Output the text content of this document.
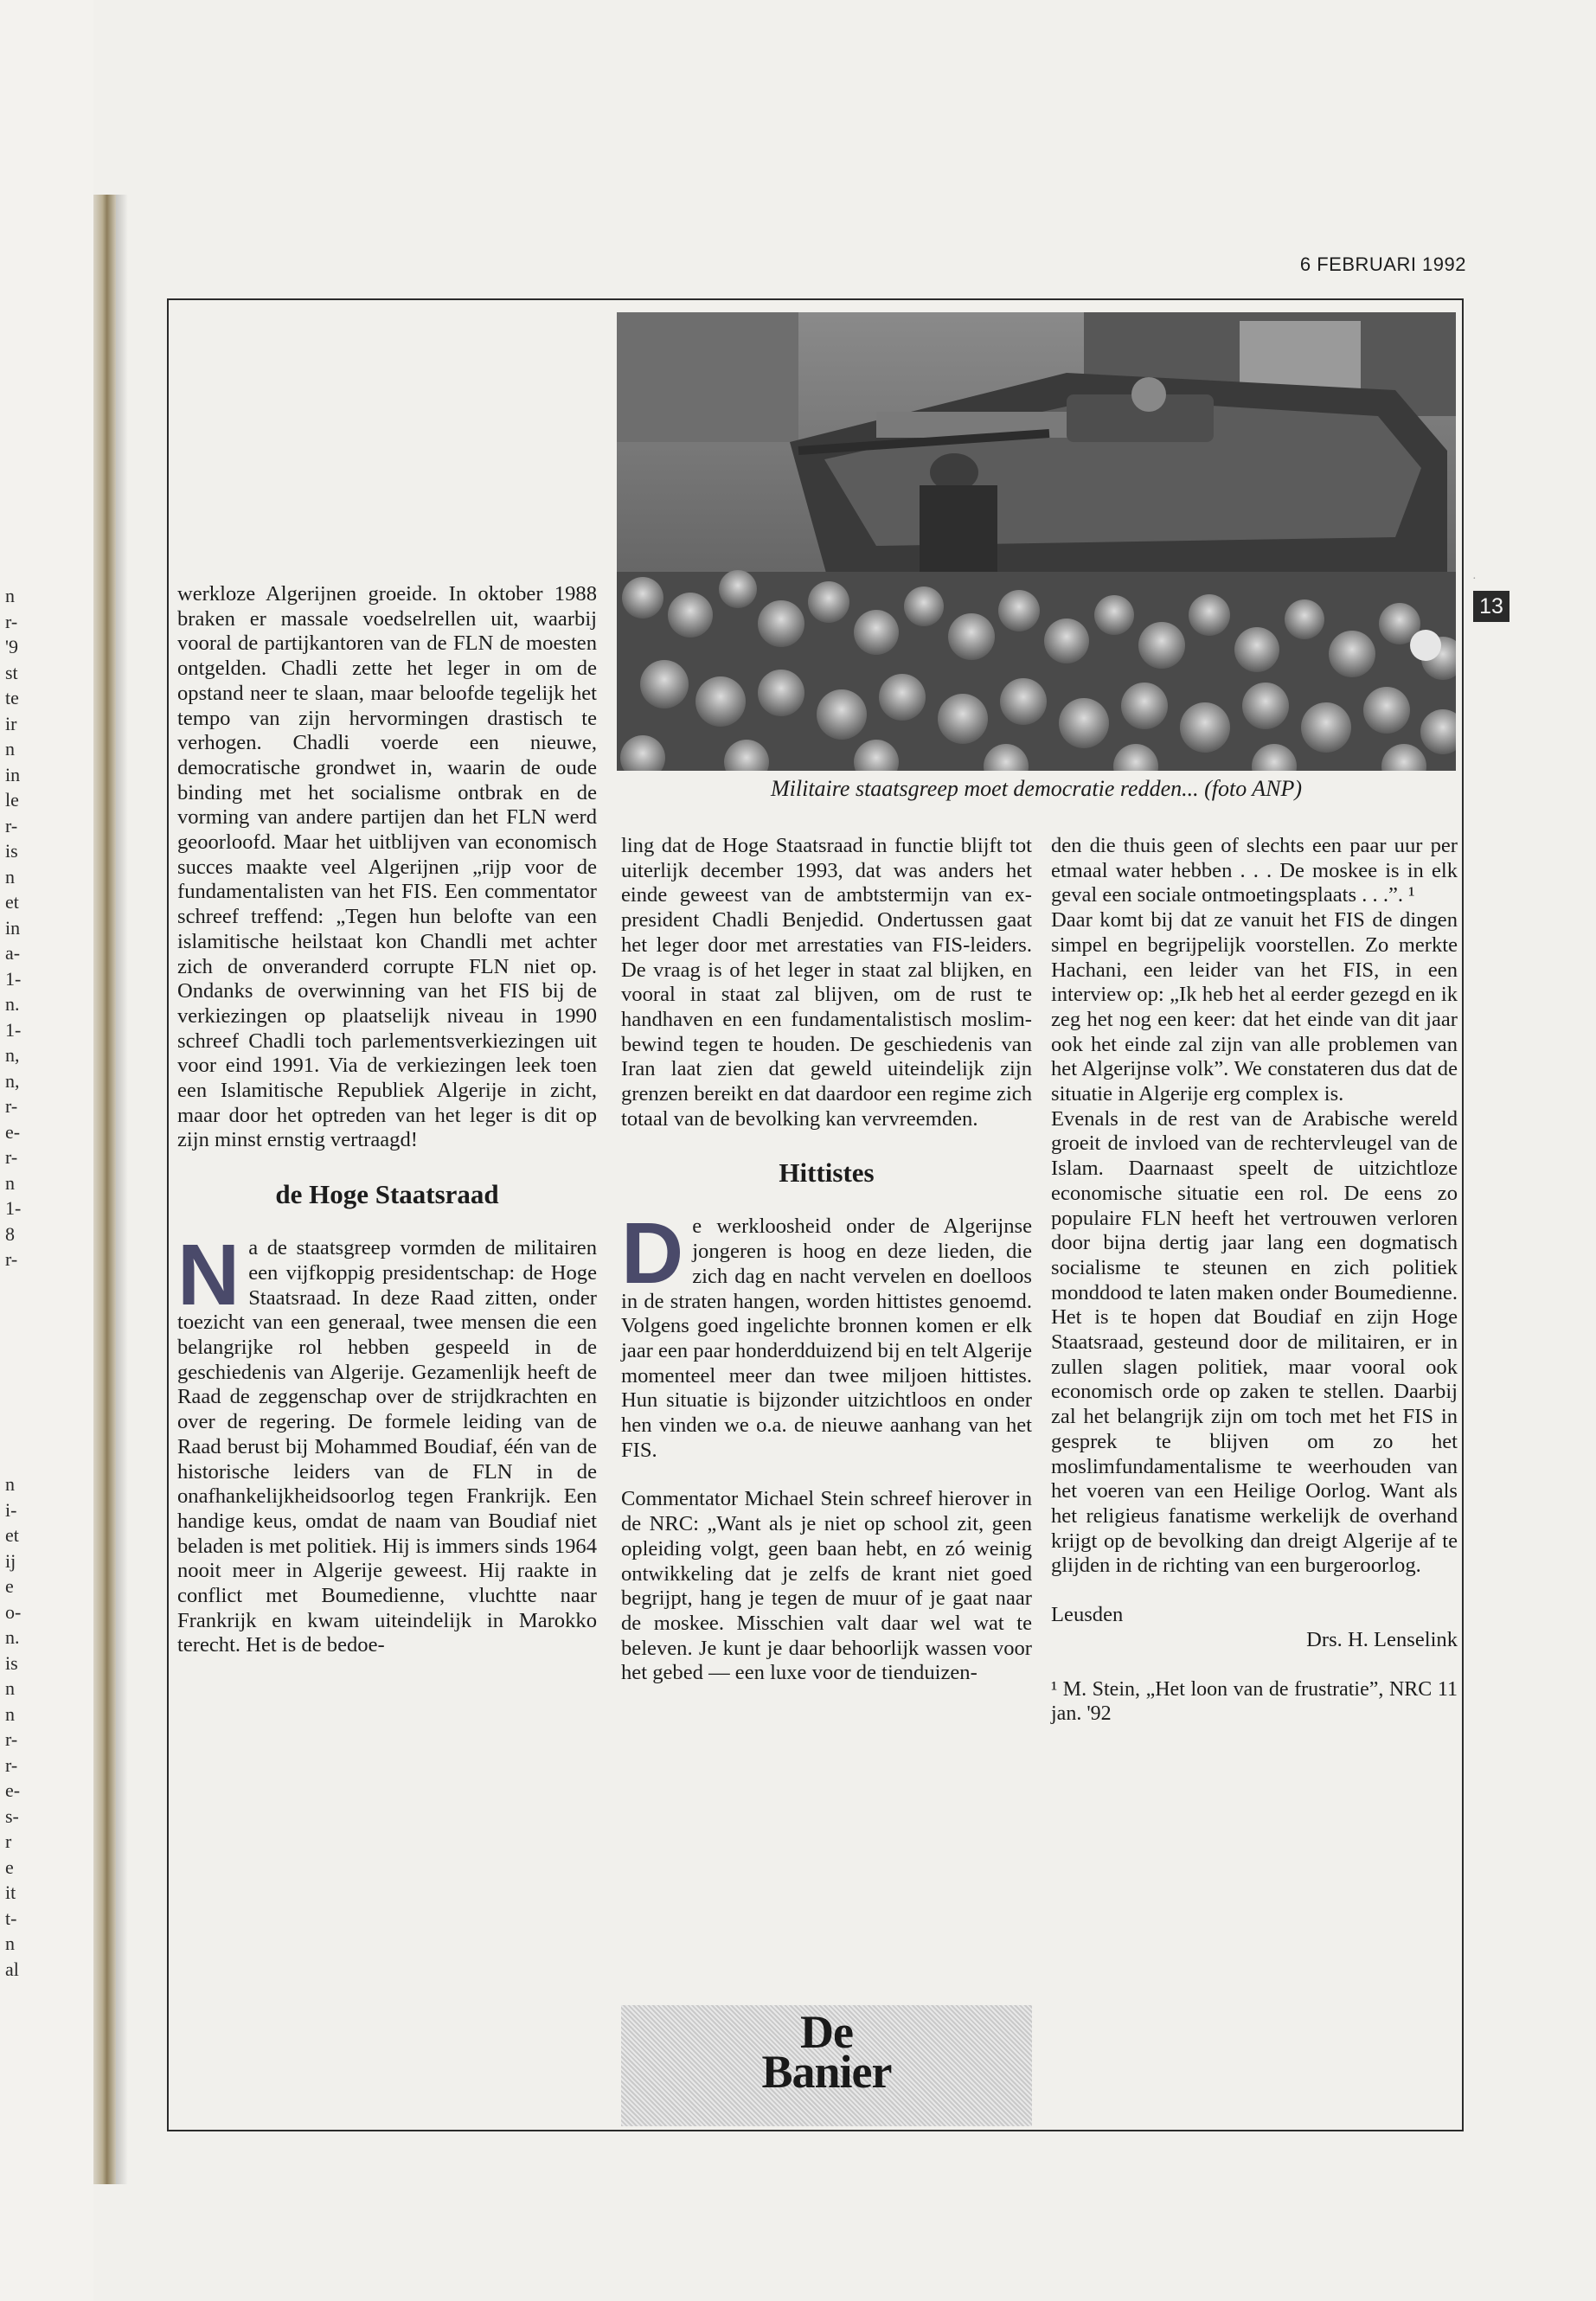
n
r-
'9
st
te
ir
n
in
le
r-
is
n
et
in
a-
1-
n.
1-
n,
n,
r-
e-
r-
n
1-
8
r-
n
i-
et
ij
e
o-
n.
is
n
n
r-
r-
e-
s-
r
e
it
t-
n
al
6 FEBRUARI 1992
·
13
Militaire staatsgreep moet democratie redden... (foto ANP)

werkloze Algerijnen groeide. In oktober 1988 braken er massale voedselrellen uit, waarbij vooral de partijkantoren van de FLN de moesten ontgelden. Chadli zette het leger in om de opstand neer te slaan, maar beloofde tegelijk het tempo van zijn hervormingen drastisch te verhogen. Chadli voerde een nieuwe, democratische grondwet in, waarin de oude binding met het socialisme ontbrak en de vorming van andere partijen dan het FLN werd geoorloofd. Maar het uitblijven van economisch succes maakte veel Algerijnen „rijp voor de fundamentalisten van het FIS. Een commentator schreef treffend: „Tegen hun belofte van een islamitische heilstaat kon Chandli met achter zich de onveranderd corrupte FLN niet op. Ondanks de overwinning van het FIS bij de verkiezingen op plaatselijk niveau in 1990 schreef Chadli toch parlementsverkiezingen uit voor eind 1991. Via de verkiezingen leek toen een Islamitische Republiek Algerije in zicht, maar door het optreden van het leger is dit op zijn minst ernstig vertraagd!

de Hoge Staatsraad

N a de staatsgreep vormden de militairen een vijfkoppig presidentschap: de Hoge Staatsraad. In deze Raad zitten, onder toezicht van een generaal, twee mensen die een belangrijke rol hebben gespeeld in de geschiedenis van Algerije. Gezamenlijk heeft de Raad de zeggenschap over de strijdkrachten en over de regering. De formele leiding van de Raad berust bij Mohammed Boudiaf, één van de historische leiders van de FLN in de onafhankelijkheidsoorlog tegen Frankrijk. Een handige keus, omdat de naam van Boudiaf niet beladen is met politiek. Hij is immers sinds 1964 nooit meer in Algerije geweest. Hij raakte in conflict met Boumedienne, vluchtte naar Frankrijk en kwam uiteindelijk in Marokko terecht. Het is de bedoe-

ling dat de Hoge Staatsraad in functie blijft tot uiterlijk december 1993, dat was anders het einde geweest van de ambtstermijn van ex-president Chadli Benjedid. Ondertussen gaat het leger door met arrestaties van FIS-leiders. De vraag is of het leger in staat zal blijken, en vooral in staat zal blijven, om de rust te handhaven en een fundamentalistisch moslim-bewind tegen te houden. De geschiedenis van Iran laat zien dat geweld uiteindelijk zijn grenzen bereikt en dat daardoor een regime zich totaal van de bevolking kan vervreemden.

Hittistes

D e werkloosheid onder de Algerijnse jongeren is hoog en deze lieden, die zich dag en nacht vervelen en doelloos in de straten hangen, worden hittistes genoemd. Volgens goed ingelichte bronnen komen er elk jaar een paar honderdduizend bij en telt Algerije momenteel meer dan twee miljoen hittistes. Hun situatie is bijzonder uitzichtloos en onder hen vinden we o.a. de nieuwe aanhang van het FIS.

Commentator Michael Stein schreef hierover in de NRC: „Want als je niet op school zit, geen opleiding volgt, geen baan hebt, en zó weinig ontwikkeling dat je zelfs de krant niet goed begrijpt, hang je tegen de muur of je gaat naar de moskee. Misschien valt daar wel wat te beleven. Je kunt je daar behoorlijk wassen voor het gebed — een luxe voor de tienduizen-

den die thuis geen of slechts een paar uur per etmaal water hebben . . . De moskee is in elk geval een sociale ontmoetingsplaats . . .”. ¹

Daar komt bij dat ze vanuit het FIS de dingen simpel en begrijpelijk voorstellen. Zo merkte Hachani, een leider van het FIS, in een interview op: „Ik heb het al eerder gezegd en ik zeg het nog een keer: dat het einde van dit jaar ook het einde zal zijn van alle problemen van het Algerijnse volk”. We constateren dus dat de situatie in Algerije erg complex is.

Evenals in de rest van de Arabische wereld groeit de invloed van de rechtervleugel van de Islam. Daarnaast speelt de uitzichtloze economische situatie een rol. De eens zo populaire FLN heeft het vertrouwen verloren door bijna dertig jaar lang een dogmatisch socialisme te steunen en zich politiek monddood te laten maken onder Boumedienne. Het is te hopen dat Boudiaf en zijn Hoge Staatsraad, gesteund door de militairen, er in zullen slagen politiek, maar vooral ook economisch orde op zaken te stellen. Daarbij zal het belangrijk zijn om toch met het FIS in gesprek te blijven om zo het moslimfundamentalisme te weerhouden van het voeren van een Heilige Oorlog. Want als het religieus fanatisme werkelijk de overhand krijgt op de bevolking dan dreigt Algerije af te glijden in de richting van een burgeroorlog.

Leusden

Drs. H. Lenselink

¹ M. Stein, „Het loon van de frustratie”, NRC 11 jan. '92

De
Banier
